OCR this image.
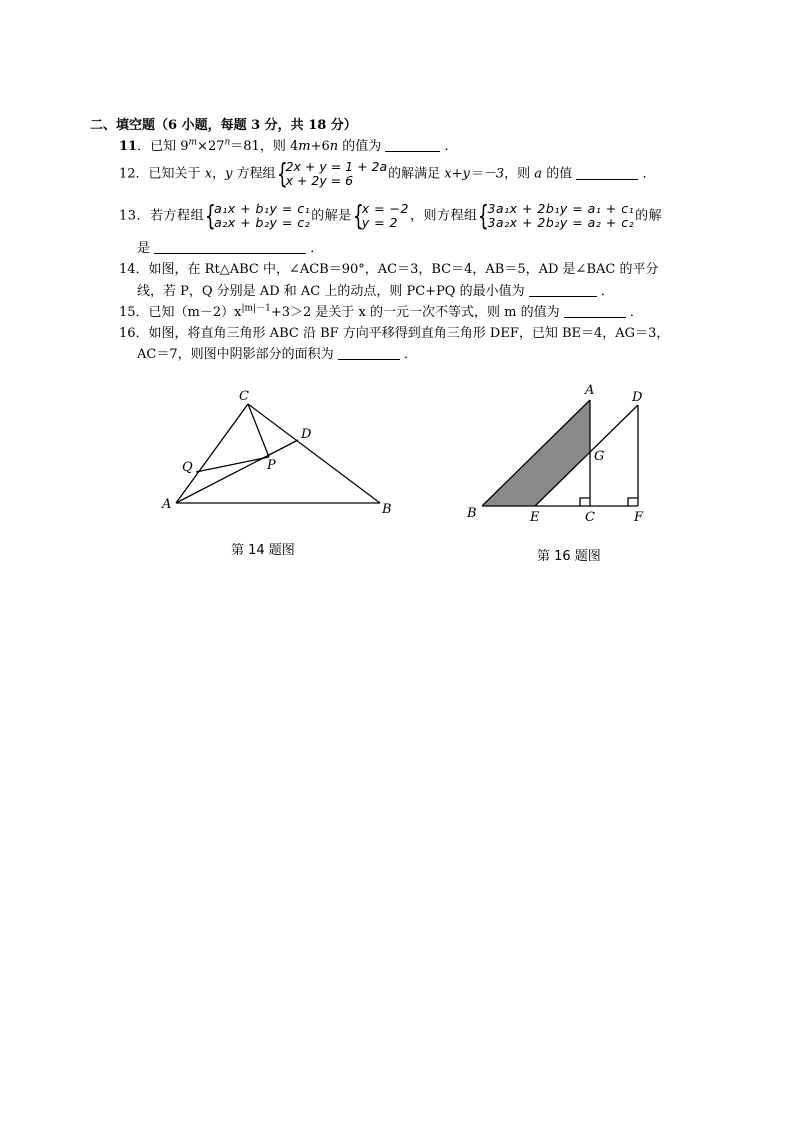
二、填空题（6 小题，每题 3 分，共 18 分）
11．已知 $9^m\times 27^n=81$，则 4m+6n 的值为	．
12．已知关于 x，y 方程组 {
2x + y = 1 + 2a
x + 2y = 6	的解满足 x+y＝－3，则 a 的值	．
13．若方程组 {
a₁x + b₁y = c₁
a₂x + b₂y = c₂ 的解是 {
x = −2
y = 2 ，则方程组 {
3a₁x + 2b₁y = a₁ + c₁
3a₂x + 2b₂y = a₂ + c₂ 的解
是	．
14．如图，在 Rt△ABC 中，∠ACB＝90°，AC＝3，BC＝4，AB＝5，AD 是∠BAC 的平分
线，若 P，Q 分别是 AD 和 AC 上的动点，则 PC+PQ 的最小值为	．
15．已知$(m-2)x^{|m|-1}+3>2$ 是关于 x 的一元一次不等式，则 m 的值为	．
16．如图，将直角三角形 ABC 沿 BF 方向平移得到直角三角形 DEF，已知 BE＝4，AG＝3，
AC＝7，则图中阴影部分的面积为	．
C
A	B
D
P
Q
第 14 题图
A	D
G
B	E	C	F
第 16 题图
